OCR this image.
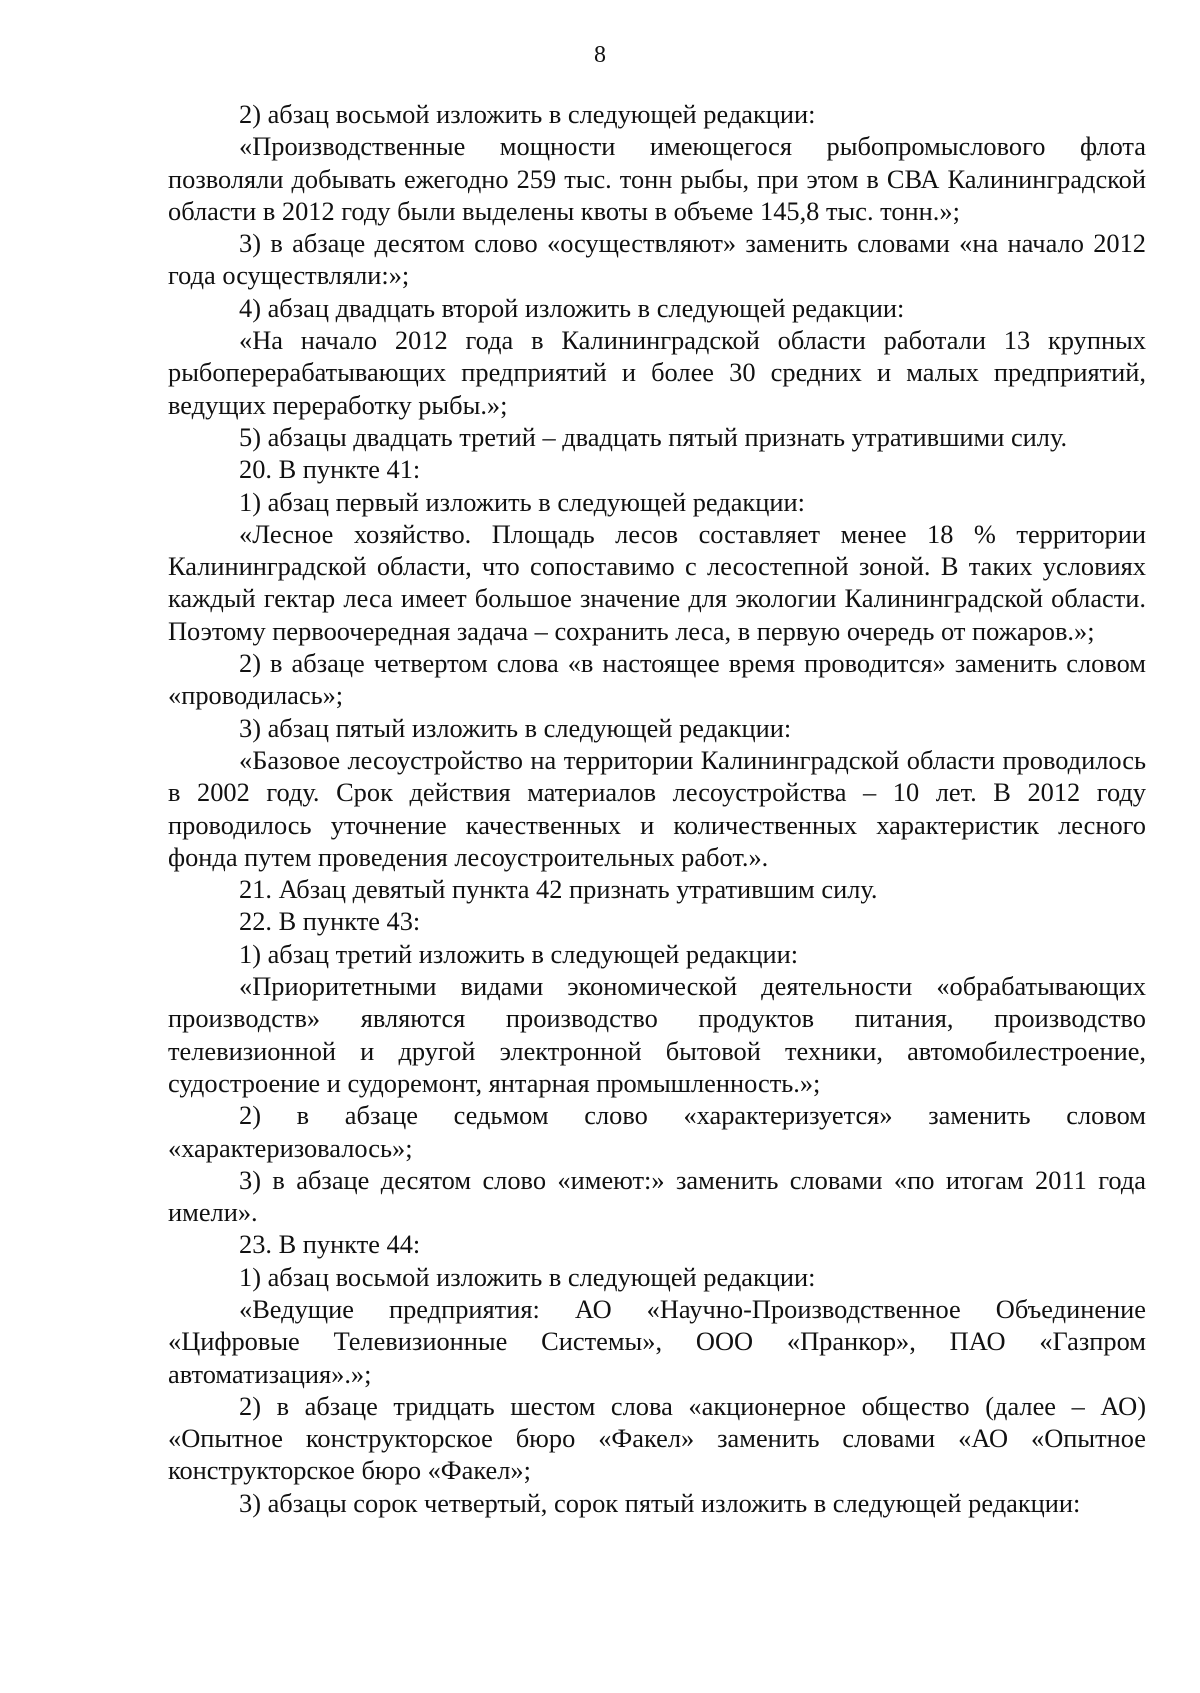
8

2) абзац восьмой изложить в следующей редакции:

«Производственные мощности имеющегося рыбопромыслового флота позволяли добывать ежегодно 259 тыс. тонн рыбы, при этом в СВА Калининградской области в 2012 году были выделены квоты в объеме 145,8 тыс. тонн.»;

3) в абзаце десятом слово «осуществляют» заменить словами «на начало 2012 года осуществляли:»;

4) абзац двадцать второй изложить в следующей редакции:

«На начало 2012 года в Калининградской области работали 13 крупных рыбоперерабатывающих предприятий и более 30 средних и малых предприятий, ведущих переработку рыбы.»;

5) абзацы двадцать третий – двадцать пятый признать утратившими силу.

20. В пункте 41:

1) абзац первый изложить в следующей редакции:

«Лесное хозяйство. Площадь лесов составляет менее 18 % территории Калининградской области, что сопоставимо с лесостепной зоной. В таких условиях каждый гектар леса имеет большое значение для экологии Калининградской области. Поэтому первоочередная задача – сохранить леса, в первую очередь от пожаров.»;

2) в абзаце четвертом слова «в настоящее время проводится» заменить словом «проводилась»;

3) абзац пятый изложить в следующей редакции:

«Базовое лесоустройство на территории Калининградской области проводилось в 2002 году. Срок действия материалов лесоустройства – 10 лет. В 2012 году проводилось уточнение качественных и количественных характеристик лесного фонда путем проведения лесоустроительных работ.».

21. Абзац девятый пункта 42 признать утратившим силу.

22. В пункте 43:

1) абзац третий изложить в следующей редакции:

«Приоритетными видами экономической деятельности «обрабатывающих производств» являются производство продуктов питания, производство телевизионной и другой электронной бытовой техники, автомобилестроение, судостроение и судоремонт, янтарная промышленность.»;

2) в абзаце седьмом слово «характеризуется» заменить словом «характеризовалось»;

3) в абзаце десятом слово «имеют:» заменить словами «по итогам 2011 года имели».

23. В пункте 44:

1) абзац восьмой изложить в следующей редакции:

«Ведущие предприятия: АО «Научно-Производственное Объединение «Цифровые Телевизионные Системы», ООО «Пранкор», ПАО «Газпром автоматизация».»;

2) в абзаце тридцать шестом слова «акционерное общество (далее – АО) «Опытное конструкторское бюро «Факел» заменить словами «АО «Опытное конструкторское бюро «Факел»;

3) абзацы сорок четвертый, сорок пятый изложить в следующей редакции:
